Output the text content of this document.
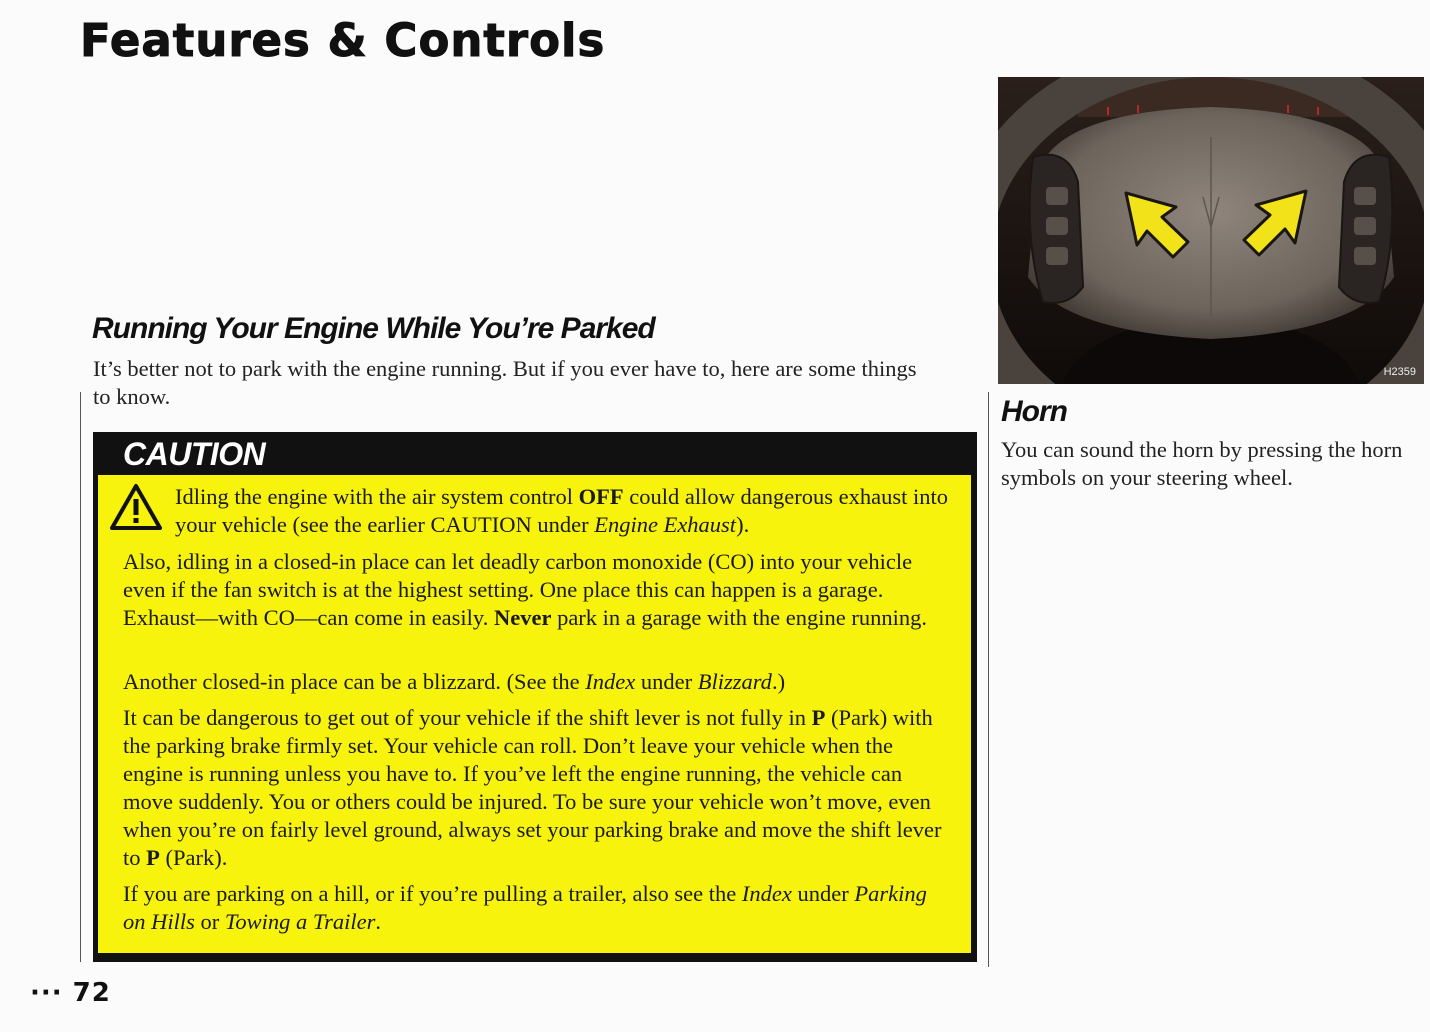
Features & Controls
H2359
Running Your Engine While You’re Parked
It’s better not to park with the engine running. But if you ever have to, here are some things to know.
CAUTION
Idling the engine with the air system control OFF could allow dangerous exhaust into your vehicle (see the earlier CAUTION under Engine Exhaust).
Also, idling in a closed-in place can let deadly carbon monoxide (CO) into your vehicle even if the fan switch is at the highest setting. One place this can happen is a garage. Exhaust—with CO—can come in easily. Never park in a garage with the engine running.
Another closed-in place can be a blizzard. (See the Index under Blizzard.)
It can be dangerous to get out of your vehicle if the shift lever is not fully in P (Park) with the parking brake firmly set. Your vehicle can roll. Don’t leave your vehicle when the engine is running unless you have to. If you’ve left the engine running, the vehicle can move suddenly. You or others could be injured. To be sure your vehicle won’t move, even when you’re on fairly level ground, always set your parking brake and move the shift lever to P (Park).
If you are parking on a hill, or if you’re pulling a trailer, also see the Index under Parking on Hills or Towing a Trailer.
Horn
You can sound the horn by pressing the horn symbols on your steering wheel.
··· 72
